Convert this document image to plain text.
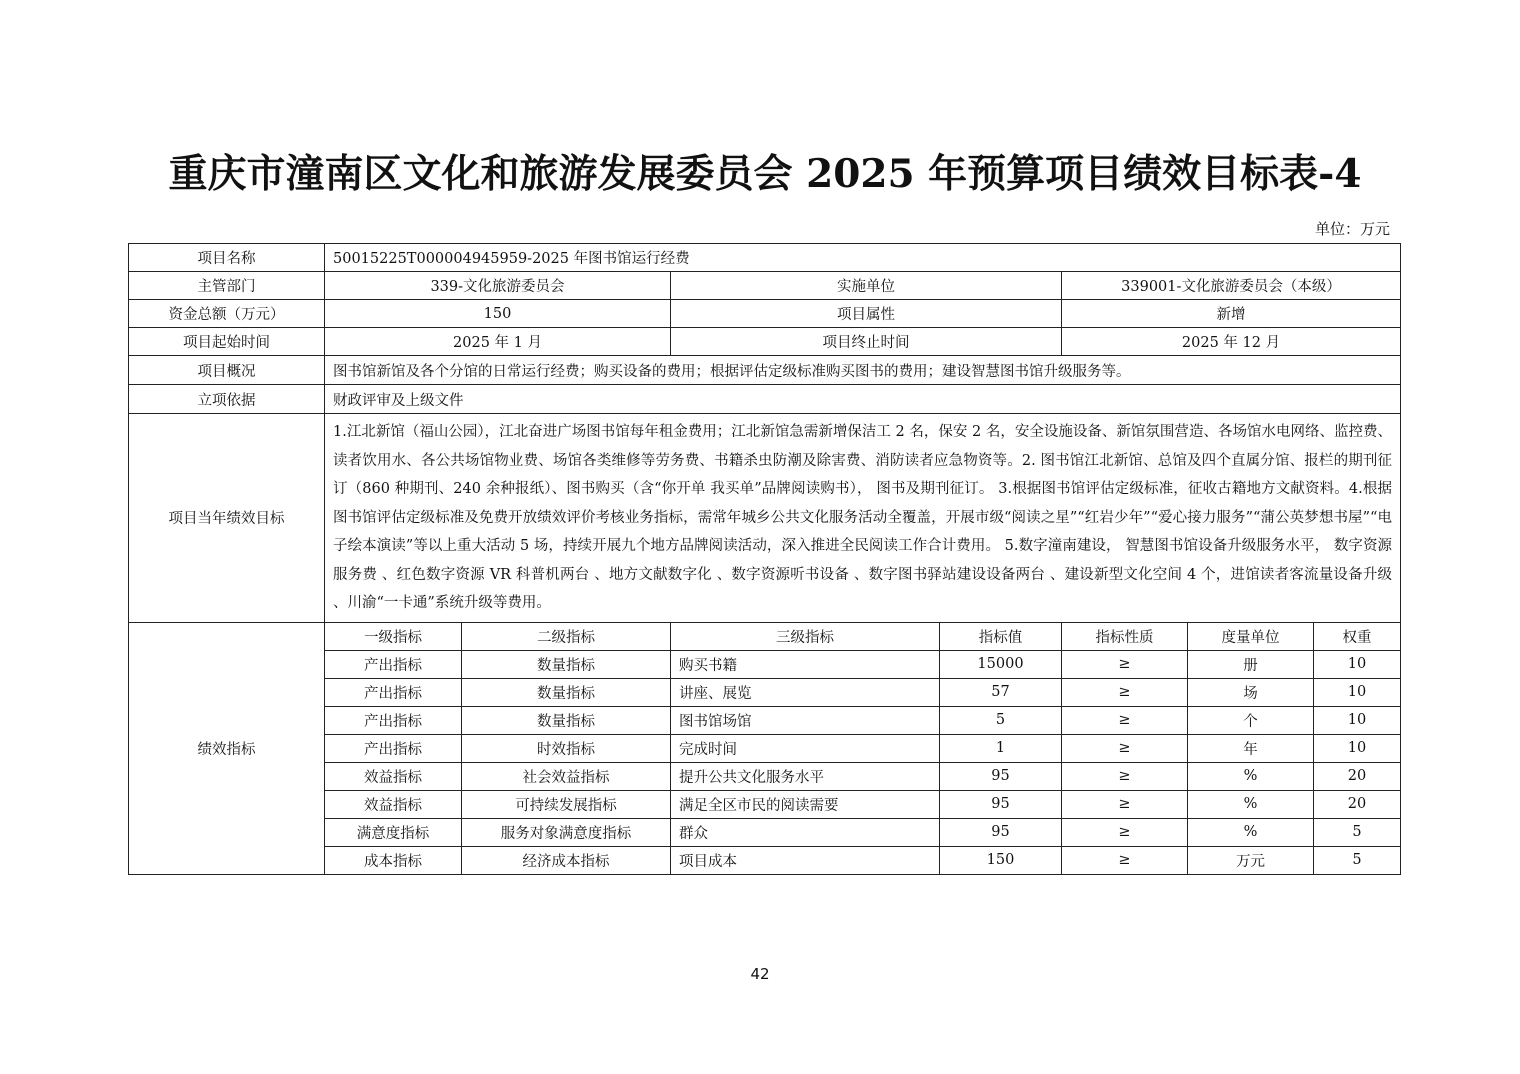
重庆市潼南区文化和旅游发展委员会 2025 年预算项目绩效目标表-4
单位：万元
项目名称	50015225T000004945959-2025 年图书馆运行经费						
主管部门	339-文化旅游委员会		实施单位		339001-文化旅游委员会（本级）		
资金总额（万元）	150		项目属性		新增		
项目起始时间	2025 年 1 月		项目终止时间		2025 年 12 月		
项目概况	图书馆新馆及各个分馆的日常运行经费；购买设备的费用；根据评估定级标准购买图书的费用；建设智慧图书馆升级服务等。						
立项依据	财政评审及上级文件						
项目当年绩效目标	1.江北新馆（福山公园），江北奋进广场图书馆每年租金费用；江北新馆急需新增保洁工 2 名，保安 2 名，安全设施设备、新馆氛围营造、各场馆水电网络、监控费、读者饮用水、各公共场馆物业费、场馆各类维修等劳务费、书籍杀虫防潮及除害费、消防读者应急物资等。2. 图书馆江北新馆、总馆及四个直属分馆、报栏的期刊征订（860 种期刊、240 余种报纸）、图书购买（含“你开单 我买单”品牌阅读购书）， 图书及期刊征订。 3.根据图书馆评估定级标准，征收古籍地方文献资料。4.根据图书馆评估定级标准及免费开放绩效评价考核业务指标，需常年城乡公共文化服务活动全覆盖，开展市级“阅读之星”“红岩少年”“爱心接力服务”“蒲公英梦想书屋”“电子绘本演读”等以上重大活动 5 场，持续开展九个地方品牌阅读活动，深入推进全民阅读工作合计费用。 5.数字潼南建设， 智慧图书馆设备升级服务水平， 数字资源服务费 、红色数字资源 VR 科普机两台 、地方文献数字化 、数字资源听书设备 、数字图书驿站建设设备两台 、建设新型文化空间 4 个，进馆读者客流量设备升级 、川渝“一卡通”系统升级等费用。						
绩效指标	一级指标	二级指标	三级指标	指标值	指标性质	度量单位	权重
	产出指标	数量指标	购买书籍	15000	≥	册	10
	产出指标	数量指标	讲座、展览	57	≥	场	10
	产出指标	数量指标	图书馆场馆	5	≥	个	10
	产出指标	时效指标	完成时间	1	≥	年	10
	效益指标	社会效益指标	提升公共文化服务水平	95	≥	%	20
	效益指标	可持续发展指标	满足全区市民的阅读需要	95	≥	%	20
	满意度指标	服务对象满意度指标	群众	95	≥	%	5
	成本指标	经济成本指标	项目成本	150	≥	万元	5
42
